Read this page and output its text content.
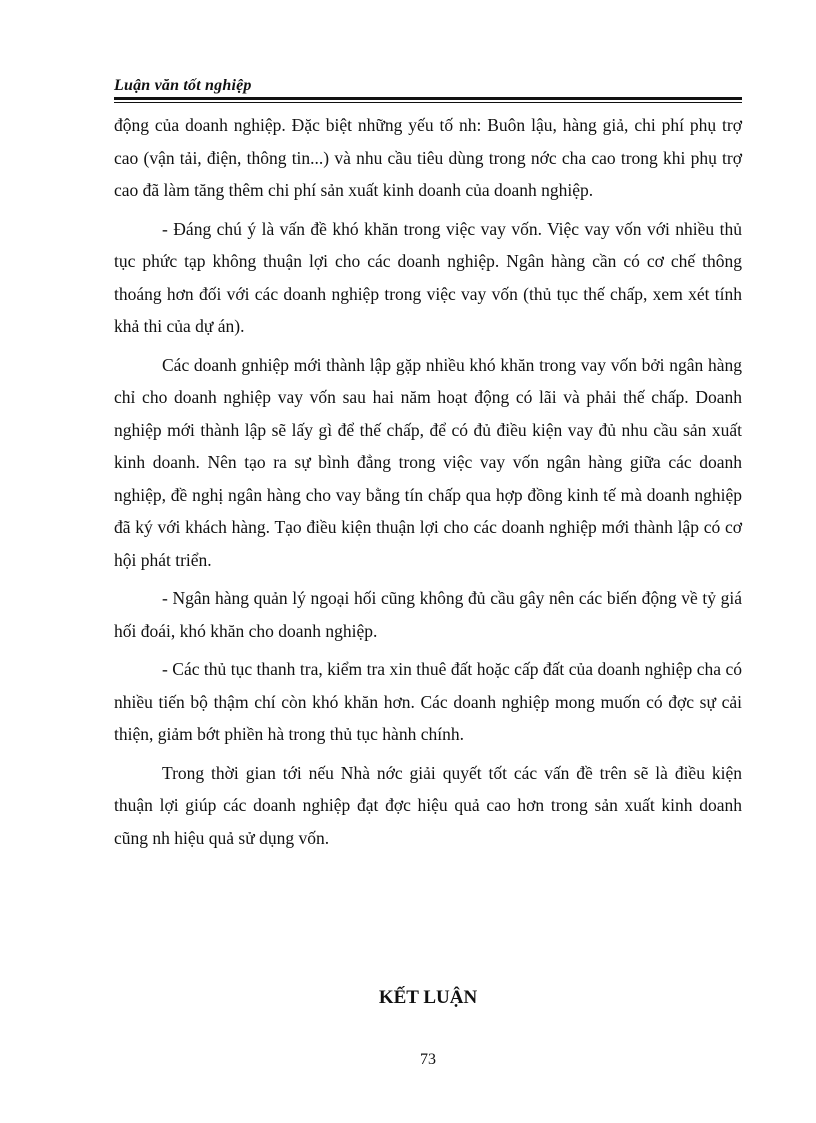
Luận văn tốt nghiệp

động của doanh nghiệp. Đặc biệt những yếu tố nh: Buôn lậu, hàng giả, chi phí phụ trợ cao (vận tải, điện, thông tin...) và nhu cầu tiêu dùng trong nớc cha cao trong khi phụ trợ cao đã làm tăng thêm chi phí sản xuất kinh doanh của doanh nghiệp.

- Đáng chú ý là vấn đề khó khăn trong việc vay vốn. Việc vay vốn với nhiều thủ tục phức tạp không thuận lợi cho các doanh nghiệp. Ngân hàng cần có cơ chế thông thoáng hơn đối với các doanh nghiệp trong việc vay vốn (thủ tục thế chấp, xem xét tính khả thi của dự án).

Các doanh gnhiệp mới thành lập gặp nhiều khó khăn trong vay vốn bởi ngân hàng chỉ cho doanh nghiệp vay vốn sau hai năm hoạt động có lãi và phải thế chấp. Doanh nghiệp mới thành lập sẽ lấy gì để thế chấp, để có đủ điều kiện vay đủ nhu cầu sản xuất kinh doanh. Nên tạo ra sự bình đẳng trong việc vay vốn ngân hàng giữa các doanh nghiệp, đề nghị ngân hàng cho vay bằng tín chấp qua hợp đồng kinh tế mà doanh nghiệp đã ký với khách hàng. Tạo điều kiện thuận lợi cho các doanh nghiệp mới thành lập có cơ hội phát triển.

- Ngân hàng quản lý ngoại hối cũng không đủ cầu gây nên các biến động về tỷ giá hối đoái, khó khăn cho doanh nghiệp.

- Các thủ tục thanh tra, kiểm tra xin thuê đất hoặc cấp đất của doanh nghiệp cha có nhiều tiến bộ thậm chí còn khó khăn hơn. Các doanh nghiệp mong muốn có đợc sự cải thiện, giảm bớt phiền hà trong thủ tục hành chính.

Trong thời gian tới nếu Nhà nớc giải quyết tốt các vấn đề trên sẽ là điều kiện thuận lợi giúp các doanh nghiệp đạt đợc hiệu quả cao hơn trong sản xuất kinh doanh cũng nh hiệu quả sử dụng vốn.

KẾT LUẬN
73
